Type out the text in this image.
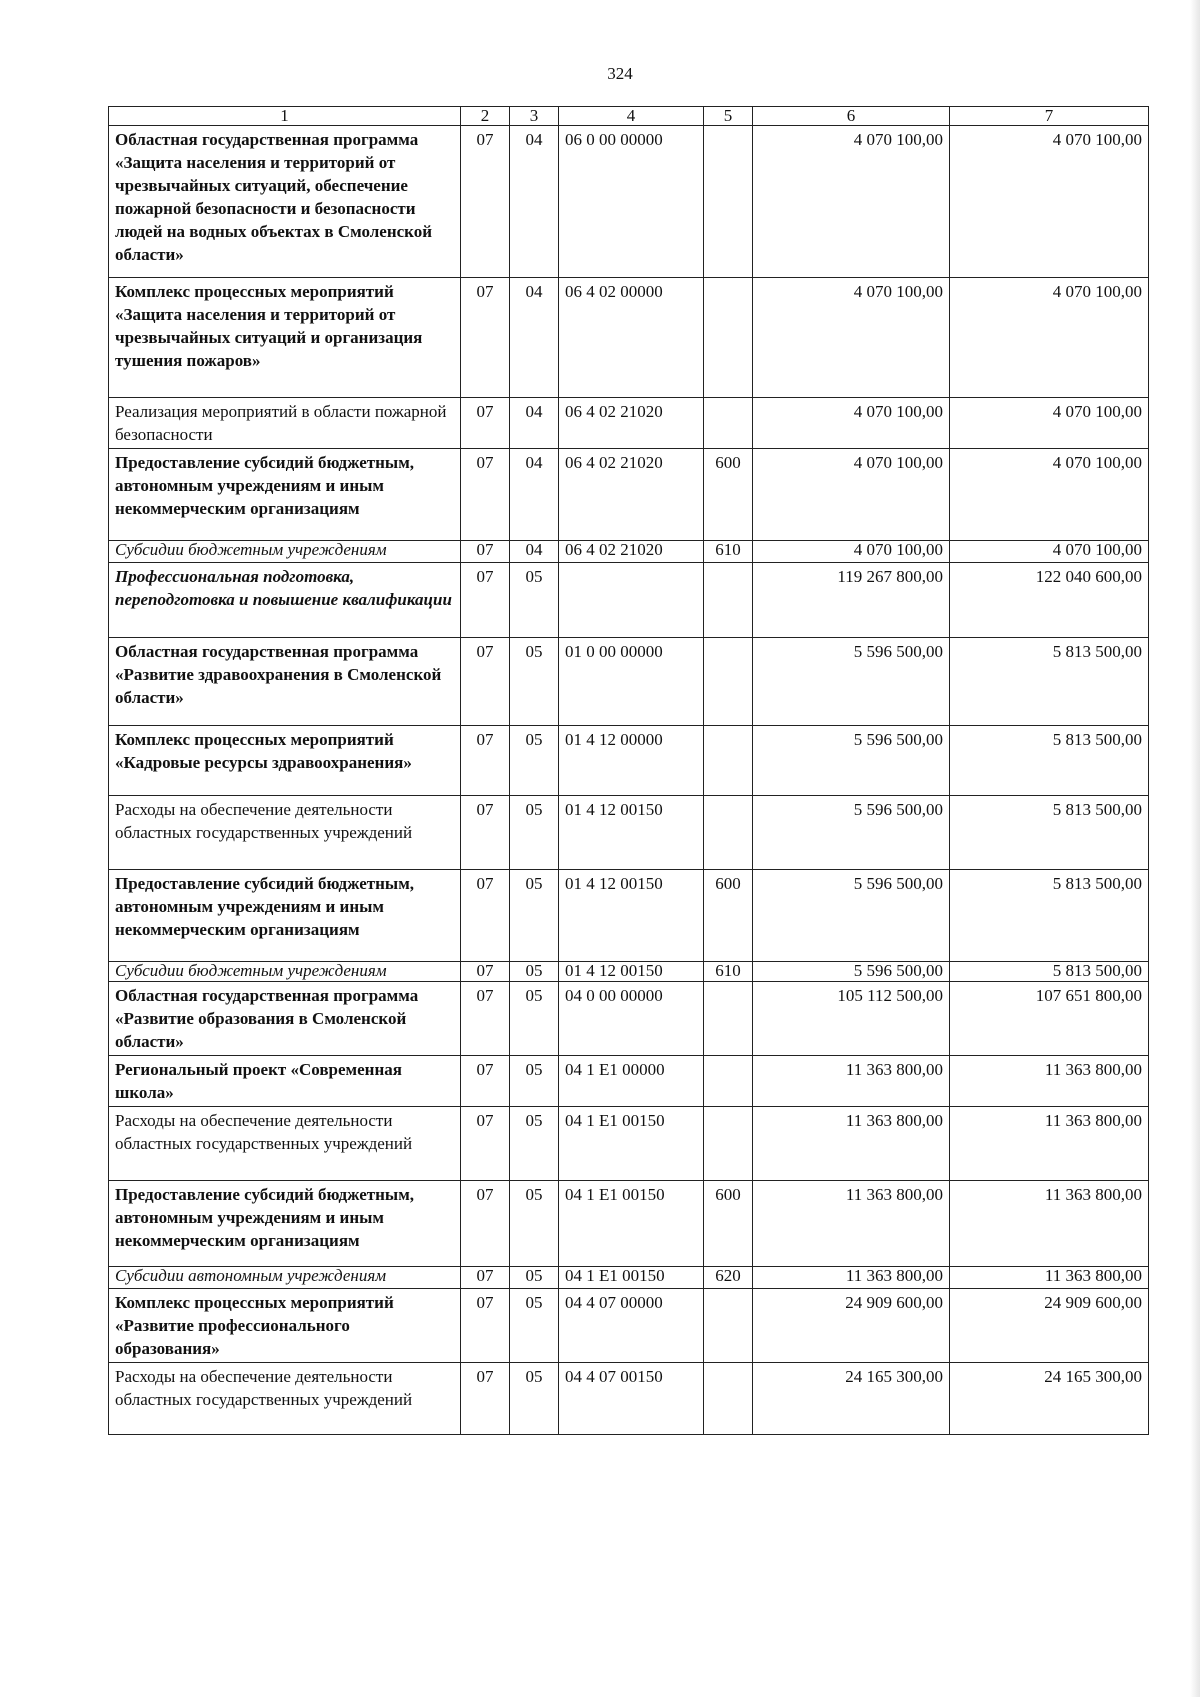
324
1	2	3	4	5	6	7
Областная государственная программа «Защита населения и территорий от чрезвычайных ситуаций, обеспечение пожарной безопасности и безопасности людей на водных объектах в Смоленской области»	07	04	06 0 00 00000		4 070 100,00	4 070 100,00
Комплекс процессных мероприятий «Защита населения и территорий от чрезвычайных ситуаций и организация тушения пожаров»	07	04	06 4 02 00000		4 070 100,00	4 070 100,00
Реализация мероприятий в области пожарной безопасности	07	04	06 4 02 21020		4 070 100,00	4 070 100,00
Предоставление субсидий бюджетным, автономным учреждениям и иным некоммерческим организациям	07	04	06 4 02 21020	600	4 070 100,00	4 070 100,00
Субсидии бюджетным учреждениям	07	04	06 4 02 21020	610	4 070 100,00	4 070 100,00
Профессиональная подготовка, переподготовка и повышение квалификации	07	05			119 267 800,00	122 040 600,00
Областная государственная программа «Развитие здравоохранения в Смоленской области»	07	05	01 0 00 00000		5 596 500,00	5 813 500,00
Комплекс процессных мероприятий «Кадровые ресурсы здравоохранения»	07	05	01 4 12 00000		5 596 500,00	5 813 500,00
Расходы на обеспечение деятельности областных государственных учреждений	07	05	01 4 12 00150		5 596 500,00	5 813 500,00
Предоставление субсидий бюджетным, автономным учреждениям и иным некоммерческим организациям	07	05	01 4 12 00150	600	5 596 500,00	5 813 500,00
Субсидии бюджетным учреждениям	07	05	01 4 12 00150	610	5 596 500,00	5 813 500,00
Областная государственная программа «Развитие образования в Смоленской области»	07	05	04 0 00 00000		105 112 500,00	107 651 800,00
Региональный проект «Современная школа»	07	05	04 1 E1 00000		11 363 800,00	11 363 800,00
Расходы на обеспечение деятельности областных государственных учреждений	07	05	04 1 E1 00150		11 363 800,00	11 363 800,00
Предоставление субсидий бюджетным, автономным учреждениям и иным некоммерческим организациям	07	05	04 1 E1 00150	600	11 363 800,00	11 363 800,00
Субсидии автономным учреждениям	07	05	04 1 E1 00150	620	11 363 800,00	11 363 800,00
Комплекс процессных мероприятий «Развитие профессионального образования»	07	05	04 4 07 00000		24 909 600,00	24 909 600,00
Расходы на обеспечение деятельности областных государственных учреждений	07	05	04 4 07 00150		24 165 300,00	24 165 300,00
